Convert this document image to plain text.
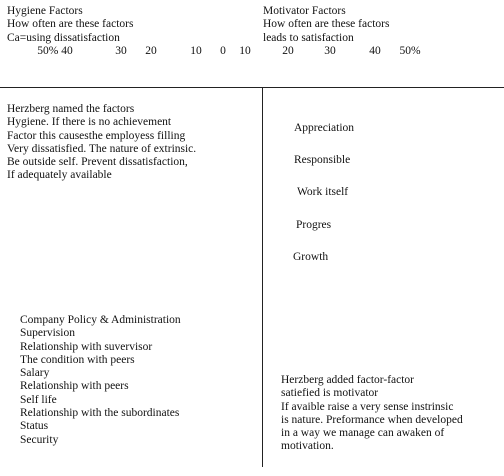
Hygiene Factors
How often are these factors
Ca=using dissatisfaction
Motivator Factors
How often are these factors
leads to satisfaction
50% 40	30 20	10 0 10	20	30	40 50%
Herzberg named the factors
Hygiene. If there is no achievement
Factor this causesthe employess filling
Very dissatisfied. The nature of extrinsic.
Be outside self. Prevent dissatisfaction,
If adequately available
Appreciation
Responsible
Work itself
Progres
Growth
Company Policy & Administration
Supervision
Relationship with suvervisor
The condition with peers
Salary
Relationship with peers
Self life
Relationship with the subordinates
Status
Security
Herzberg added factor-factor
satiefied is motivator
If avaible raise a very sense instrinsic
is nature. Preformance when developed
in a way we manage can awaken of
motivation.
